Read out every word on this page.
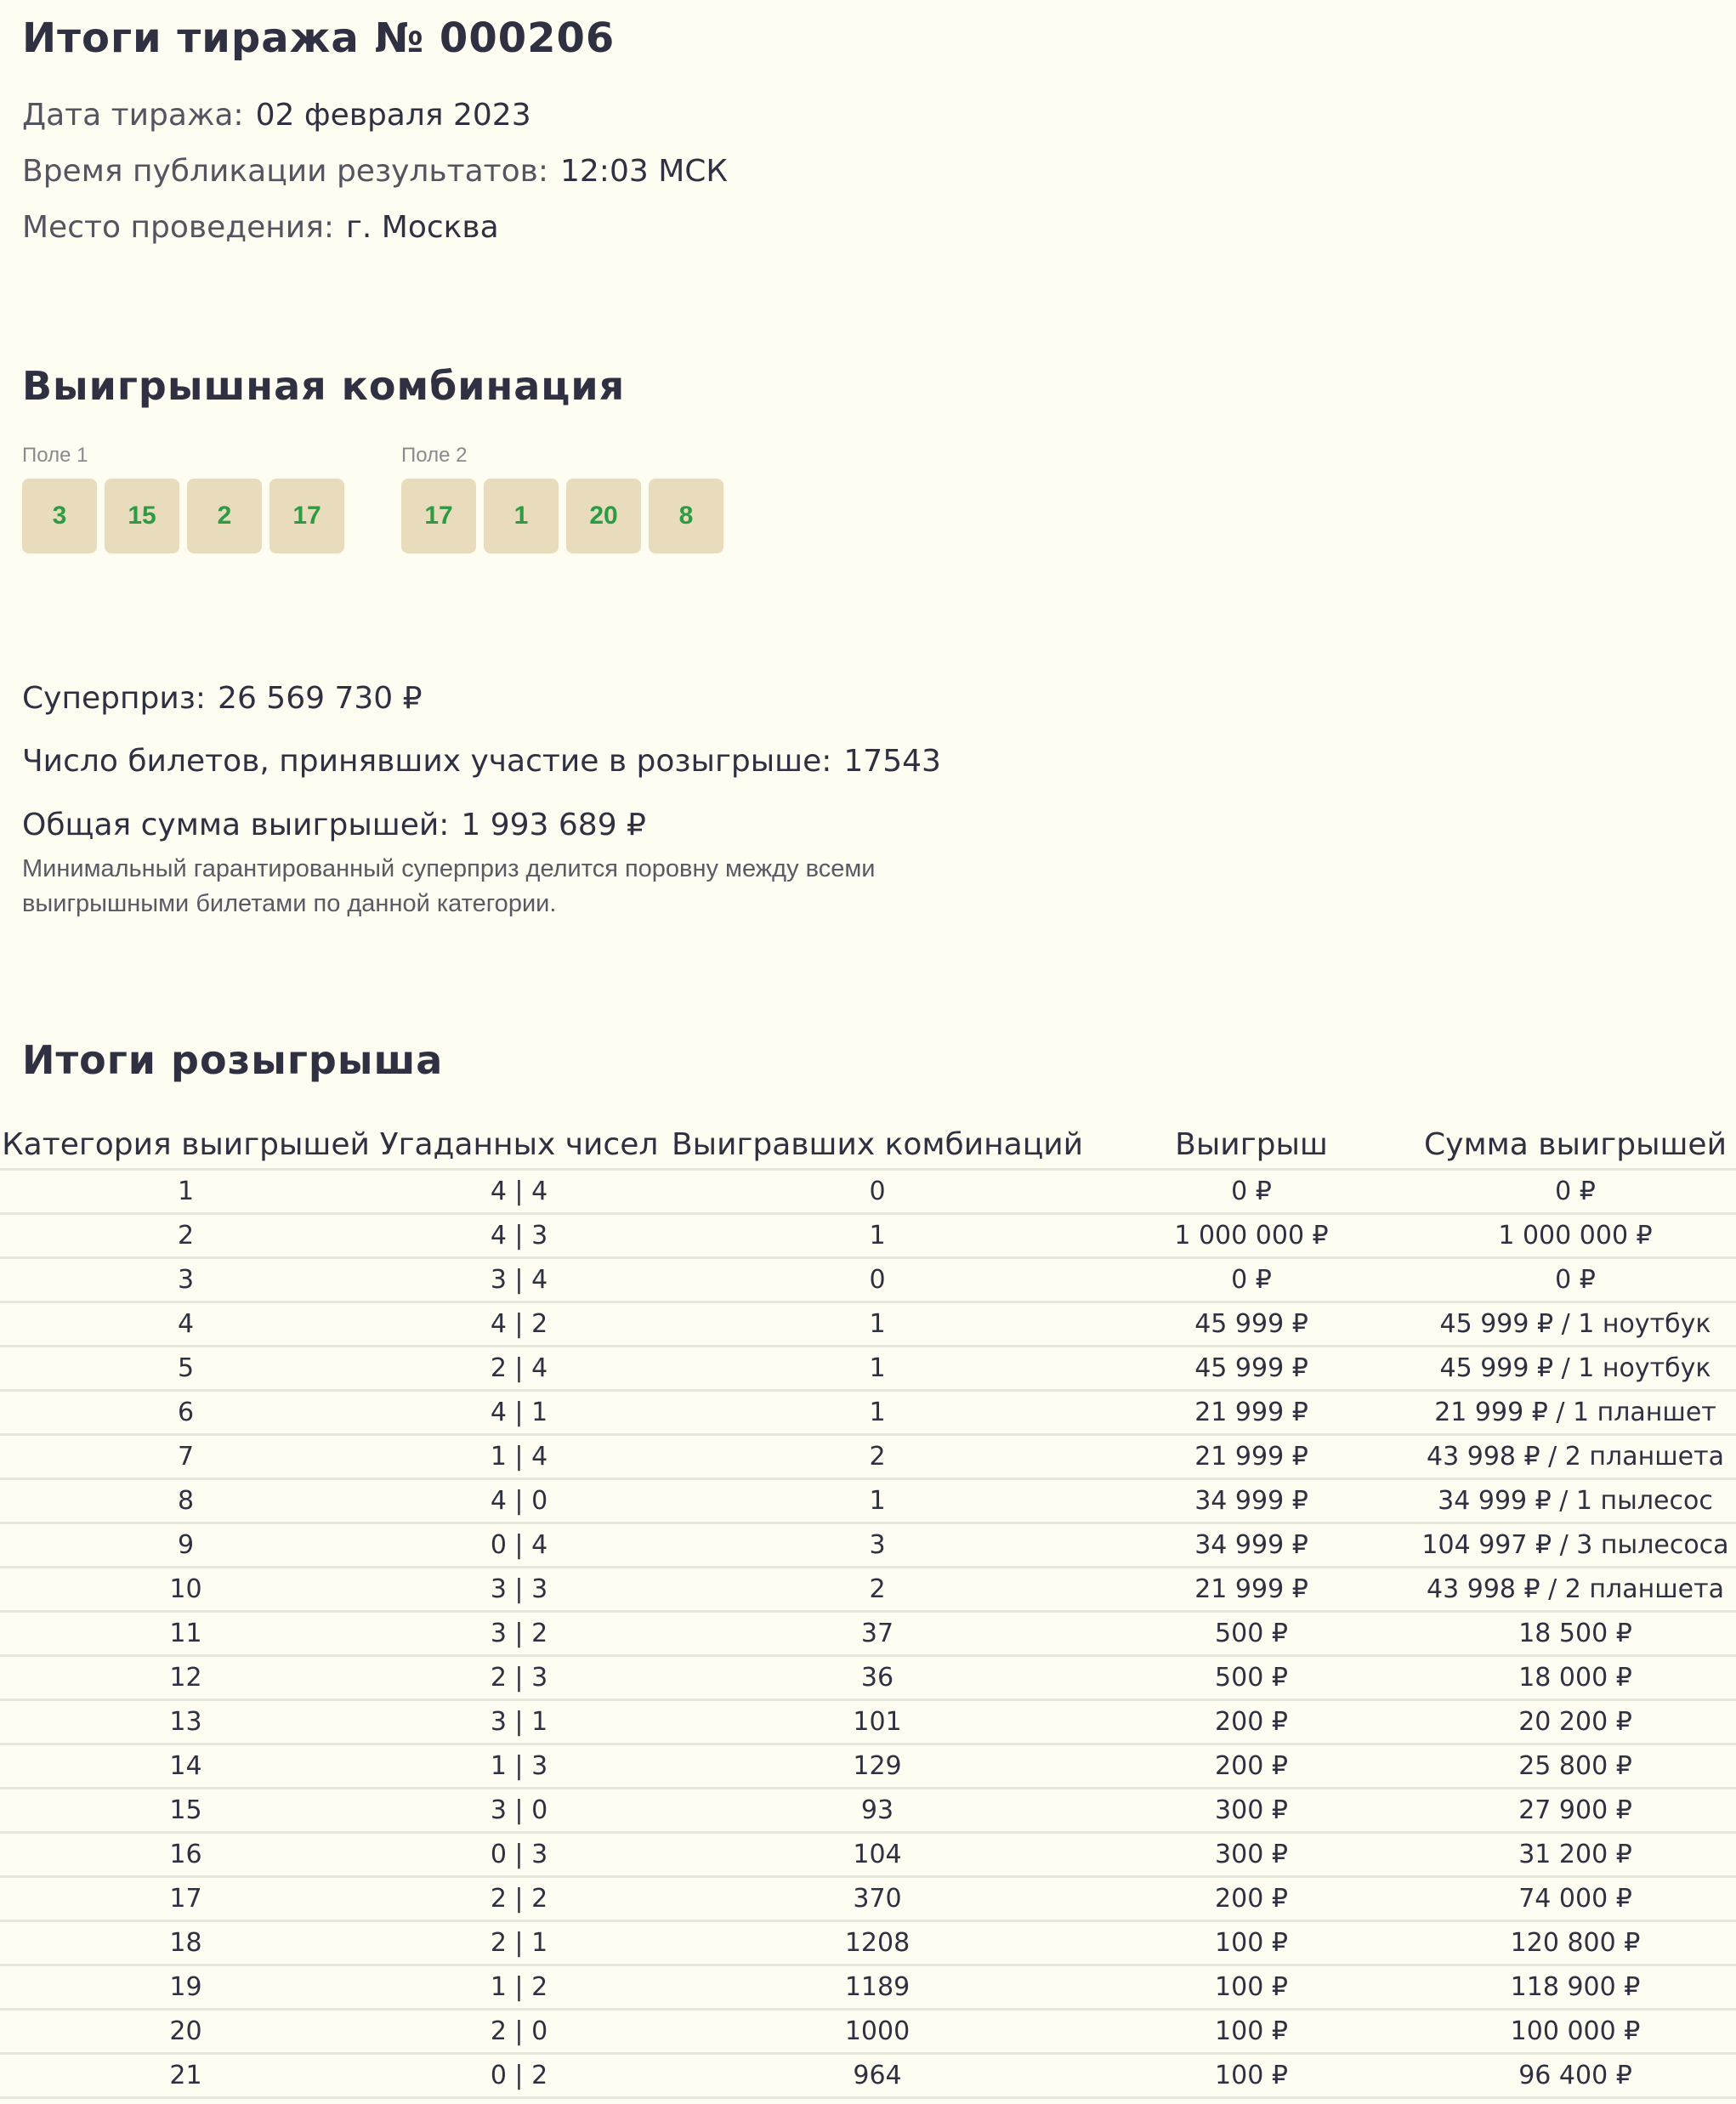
Итоги тиража № 000206
Дата тиража: 02 февраля 2023
Время публикации результатов: 12:03 МСК
Место проведения: г. Москва
Выигрышная комбинация
Поле 1
3	15	2	17
Поле 2
17	1	20	8
Суперприз: 26 569 730 ₽
Число билетов, принявших участие в розыгрыше: 17543
Общая сумма выигрышей: 1 993 689 ₽
Минимальный гарантированный суперприз делится поровну между всеми выигрышными билетами по данной категории.
Итоги розыгрыша
Категория выигрышей	Угаданных чисел	Выигравших комбинаций	Выигрыш	Сумма выигрышей
1	4 | 4	0	0 ₽	0 ₽
2	4 | 3	1	1 000 000 ₽	1 000 000 ₽
3	3 | 4	0	0 ₽	0 ₽
4	4 | 2	1	45 999 ₽	45 999 ₽ / 1 ноутбук
5	2 | 4	1	45 999 ₽	45 999 ₽ / 1 ноутбук
6	4 | 1	1	21 999 ₽	21 999 ₽ / 1 планшет
7	1 | 4	2	21 999 ₽	43 998 ₽ / 2 планшета
8	4 | 0	1	34 999 ₽	34 999 ₽ / 1 пылесос
9	0 | 4	3	34 999 ₽	104 997 ₽ / 3 пылесоса
10	3 | 3	2	21 999 ₽	43 998 ₽ / 2 планшета
11	3 | 2	37	500 ₽	18 500 ₽
12	2 | 3	36	500 ₽	18 000 ₽
13	3 | 1	101	200 ₽	20 200 ₽
14	1 | 3	129	200 ₽	25 800 ₽
15	3 | 0	93	300 ₽	27 900 ₽
16	0 | 3	104	300 ₽	31 200 ₽
17	2 | 2	370	200 ₽	74 000 ₽
18	2 | 1	1208	100 ₽	120 800 ₽
19	1 | 2	1189	100 ₽	118 900 ₽
20	2 | 0	1000	100 ₽	100 000 ₽
21	0 | 2	964	100 ₽	96 400 ₽
